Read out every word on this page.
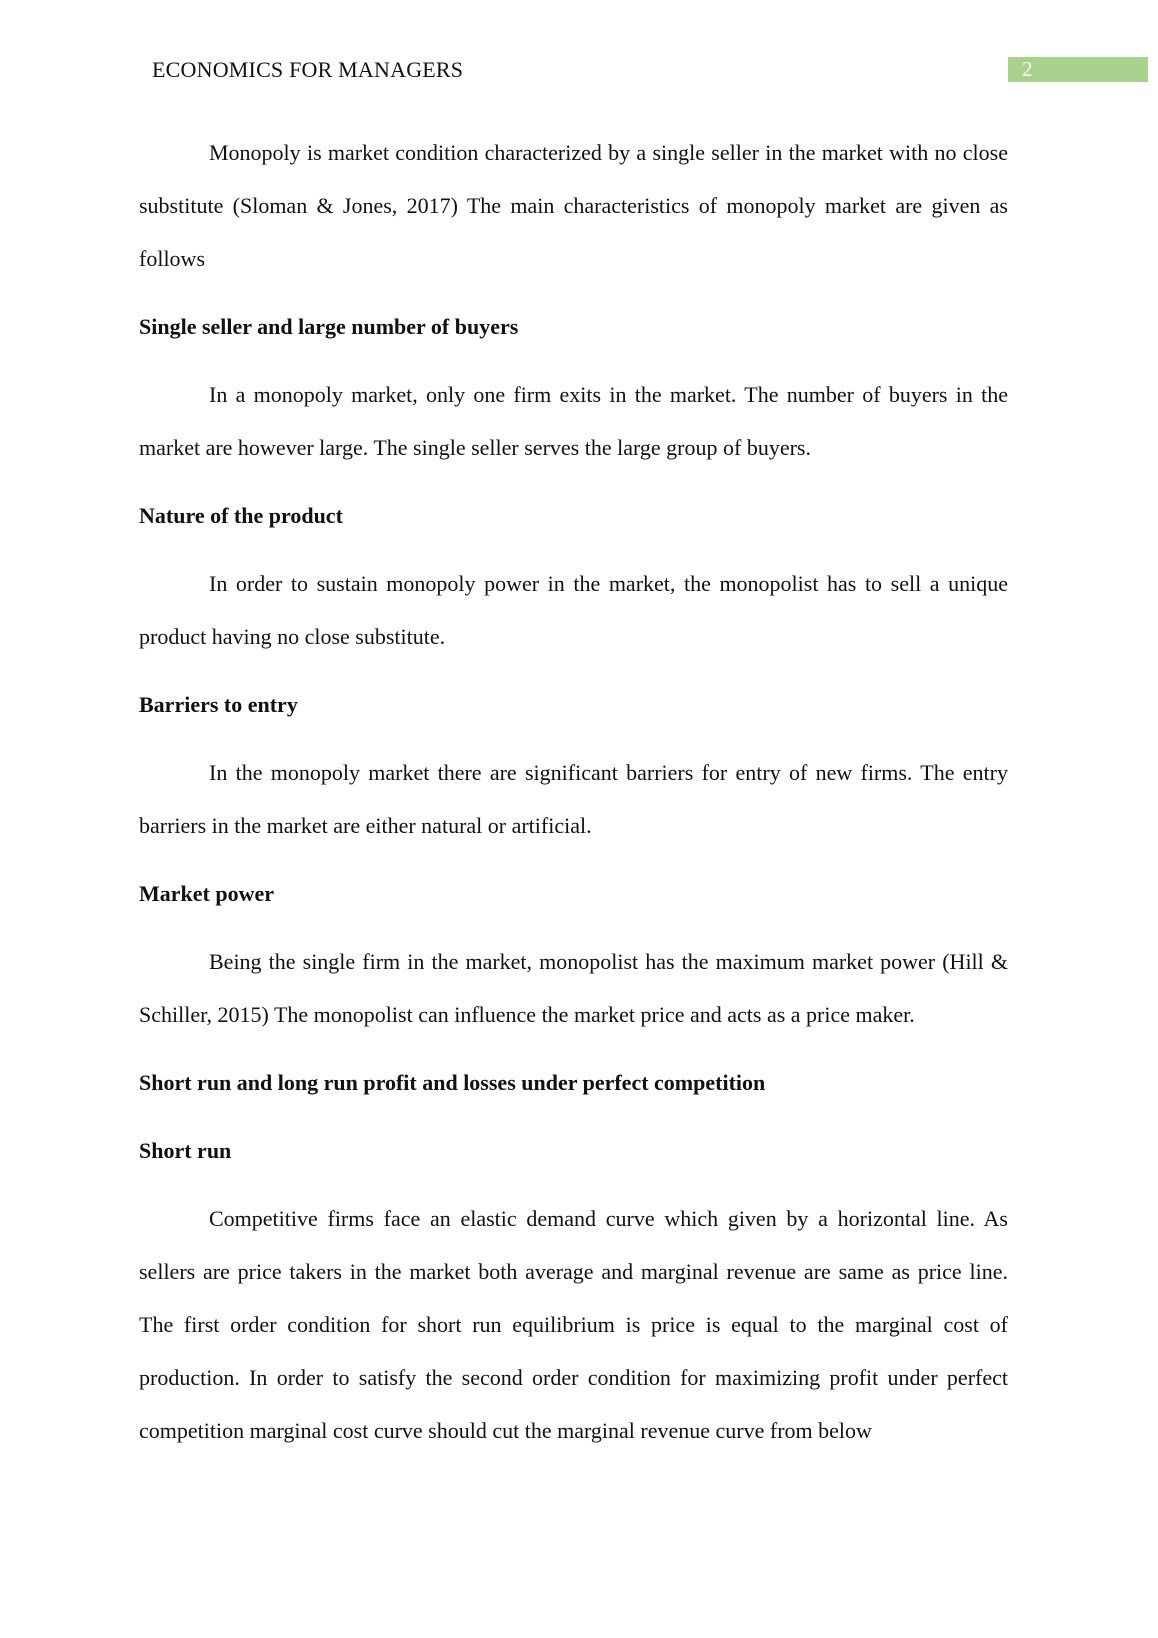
ECONOMICS FOR MANAGERS	2

Monopoly is market condition characterized by a single seller in the market with no close substitute (Sloman & Jones, 2017) The main characteristics of monopoly market are given as follows

Single seller and large number of buyers

In a monopoly market, only one firm exits in the market. The number of buyers in the market are however large. The single seller serves the large group of buyers.

Nature of the product

In order to sustain monopoly power in the market, the monopolist has to sell a unique product having no close substitute.

Barriers to entry

In the monopoly market there are significant barriers for entry of new firms. The entry barriers in the market are either natural or artificial.

Market power

Being the single firm in the market, monopolist has the maximum market power (Hill & Schiller, 2015) The monopolist can influence the market price and acts as a price maker.

Short run and long run profit and losses under perfect competition
Short run

Competitive firms face an elastic demand curve which given by a horizontal line. As sellers are price takers in the market both average and marginal revenue are same as price line. The first order condition for short run equilibrium is price is equal to the marginal cost of production. In order to satisfy the second order condition for maximizing profit under perfect competition marginal cost curve should cut the marginal revenue curve from below
